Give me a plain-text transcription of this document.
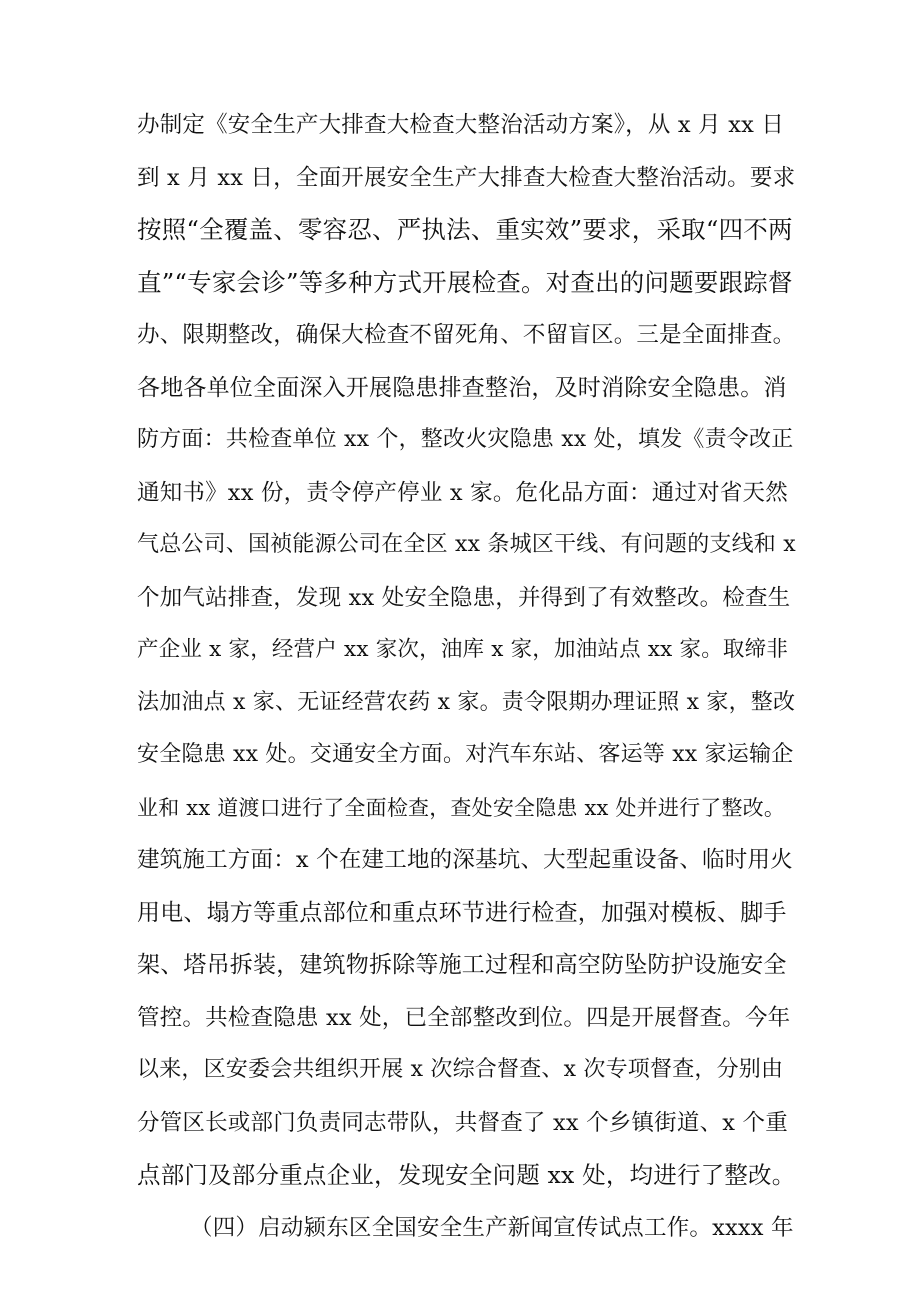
办制定《安全生产大排查大检查大整治活动方案》，从 x 月 xx 日
到 x 月 xx 日，全面开展安全生产大排查大检查大整治活动。要求
按照“全覆盖、零容忍、严执法、重实效”要求，采取“四不两
直”“专家会诊”等多种方式开展检查。对查出的问题要跟踪督
办、限期整改，确保大检查不留死角、不留盲区。三是全面排查。
各地各单位全面深入开展隐患排查整治，及时消除安全隐患。消
防方面：共检查单位 xx 个，整改火灾隐患 xx 处，填发《责令改正
通知书》xx 份，责令停产停业 x 家。危化品方面：通过对省天然
气总公司、国祯能源公司在全区 xx 条城区干线、有问题的支线和 x
个加气站排查，发现 xx 处安全隐患，并得到了有效整改。检查生
产企业 x 家，经营户 xx 家次，油库 x 家，加油站点 xx 家。取缔非
法加油点 x 家、无证经营农药 x 家。责令限期办理证照 x 家，整改
安全隐患 xx 处。交通安全方面。对汽车东站、客运等 xx 家运输企
业和 xx 道渡口进行了全面检查，查处安全隐患 xx 处并进行了整改。
建筑施工方面：x 个在建工地的深基坑、大型起重设备、临时用火
用电、塌方等重点部位和重点环节进行检查，加强对模板、脚手
架、塔吊拆装，建筑物拆除等施工过程和高空防坠防护设施安全
管控。共检查隐患 xx 处，已全部整改到位。四是开展督查。今年
以来，区安委会共组织开展 x 次综合督查、x 次专项督查，分别由
分管区长或部门负责同志带队，共督查了 xx 个乡镇街道、x 个重
点部门及部分重点企业，发现安全问题 xx 处，均进行了整改。
（四）启动颍东区全国安全生产新闻宣传试点工作。xxxx 年
